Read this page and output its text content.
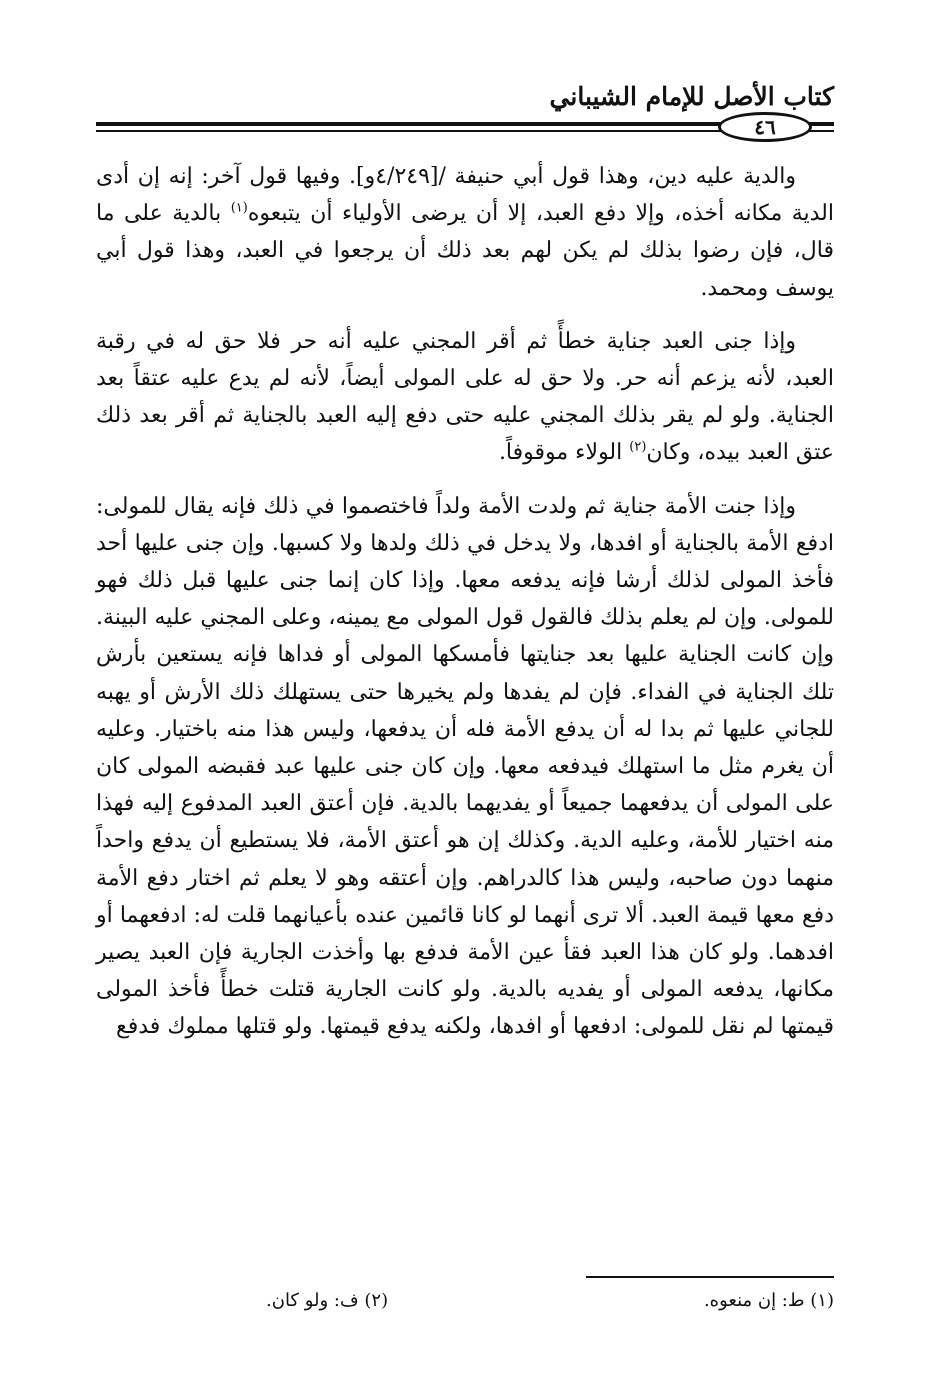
كتاب الأصل للإمام الشيباني
٤٦

والدية عليه دين، وهذا قول أبي حنيفة /[٤/٢٤٩و]. وفيها قول آخر: إنه إن أدى الدية مكانه أخذه، وإلا دفع العبد، إلا أن يرضى الأولياء أن يتبعوه$^{(١)}$ بالدية على ما قال، فإن رضوا بذلك لم يكن لهم بعد ذلك أن يرجعوا في العبد، وهذا قول أبي يوسف ومحمد.

وإذا جنى العبد جناية خطأً ثم أقر المجني عليه أنه حر فلا حق له في رقبة العبد، لأنه يزعم أنه حر. ولا حق له على المولى أيضاً، لأنه لم يدع عليه عتقاً بعد الجناية. ولو لم يقر بذلك المجني عليه حتى دفع إليه العبد بالجناية ثم أقر بعد ذلك عتق العبد بيده، وكان$^{(٢)}$ الولاء موقوفاً.

وإذا جنت الأمة جناية ثم ولدت الأمة ولداً فاختصموا في ذلك فإنه يقال للمولى: ادفع الأمة بالجناية أو افدها، ولا يدخل في ذلك ولدها ولا كسبها. وإن جنى عليها أحد فأخذ المولى لذلك أرشا فإنه يدفعه معها. وإذا كان إنما جنى عليها قبل ذلك فهو للمولى. وإن لم يعلم بذلك فالقول قول المولى مع يمينه، وعلى المجني عليه البينة. وإن كانت الجناية عليها بعد جنايتها فأمسكها المولى أو فداها فإنه يستعين بأرش تلك الجناية في الفداء. فإن لم يفدها ولم يخيرها حتى يستهلك ذلك الأرش أو يهبه للجاني عليها ثم بدا له أن يدفع الأمة فله أن يدفعها، وليس هذا منه باختيار. وعليه أن يغرم مثل ما استهلك فيدفعه معها. وإن كان جنى عليها عبد فقبضه المولى كان على المولى أن يدفعهما جميعاً أو يفديهما بالدية. فإن أعتق العبد المدفوع إليه فهذا منه اختيار للأمة، وعليه الدية. وكذلك إن هو أعتق الأمة، فلا يستطيع أن يدفع واحداً منهما دون صاحبه، وليس هذا كالدراهم. وإن أعتقه وهو لا يعلم ثم اختار دفع الأمة دفع معها قيمة العبد. ألا ترى أنهما لو كانا قائمين عنده بأعيانهما قلت له: ادفعهما أو افدهما. ولو كان هذا العبد فقأ عين الأمة فدفع بها وأخذت الجارية فإن العبد يصير مكانها، يدفعه المولى أو يفديه بالدية. ولو كانت الجارية قتلت خطأً فأخذ المولى قيمتها لم نقل للمولى: ادفعها أو افدها، ولكنه يدفع قيمتها. ولو قتلها مملوك فدفع

(١) ط: إن منعوه.
(٢) ف: ولو كان.
